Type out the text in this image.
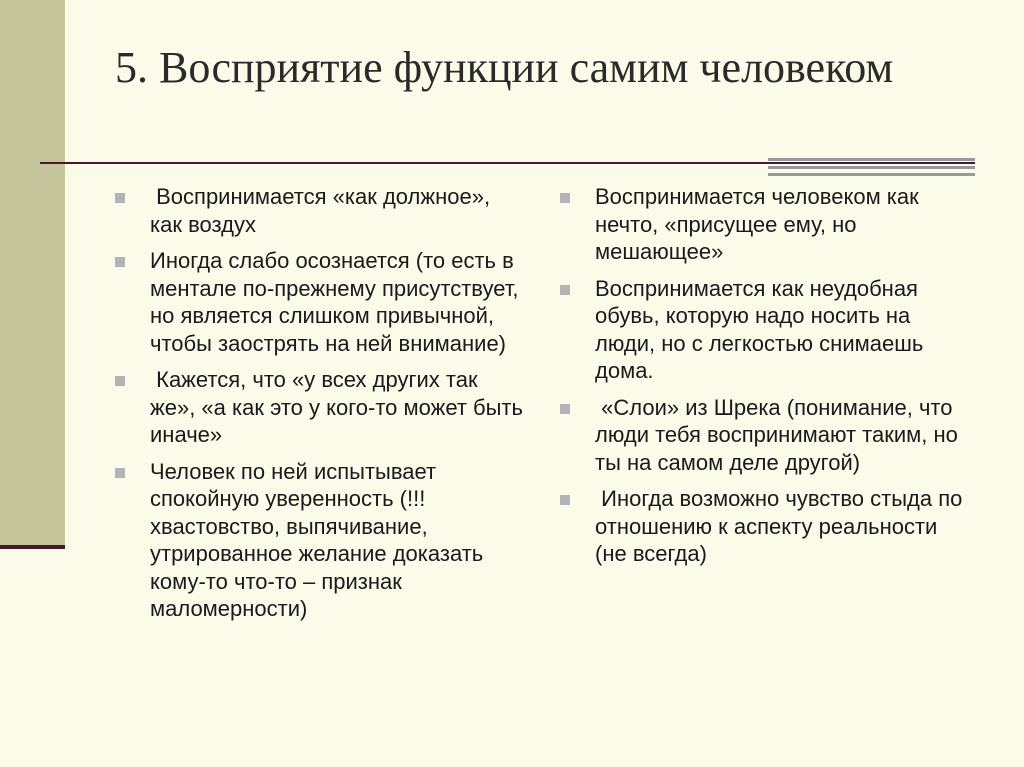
5. Восприятие функции самим человеком
Воспринимается «как должное», как воздух
Иногда слабо осознается (то есть в ментале по-прежнему присутствует, но является слишком привычной, чтобы заострять на ней внимание)
Кажется, что «у всех других так же», «а как это у кого-то может быть иначе»
Человек по ней испытывает спокойную уверенность (!!!хвастовство, выпячивание, утрированное желание доказать кому-то что-то – признак маломерности)
Воспринимается человеком как нечто, «присущее ему, но мешающее»
Воспринимается как неудобная обувь, которую надо носить на люди, но с легкостью снимаешь дома.
«Слои» из Шрека (понимание, что люди тебя воспринимают таким, но ты на самом деле другой)
Иногда возможно чувство стыда по отношению к аспекту реальности (не всегда)
